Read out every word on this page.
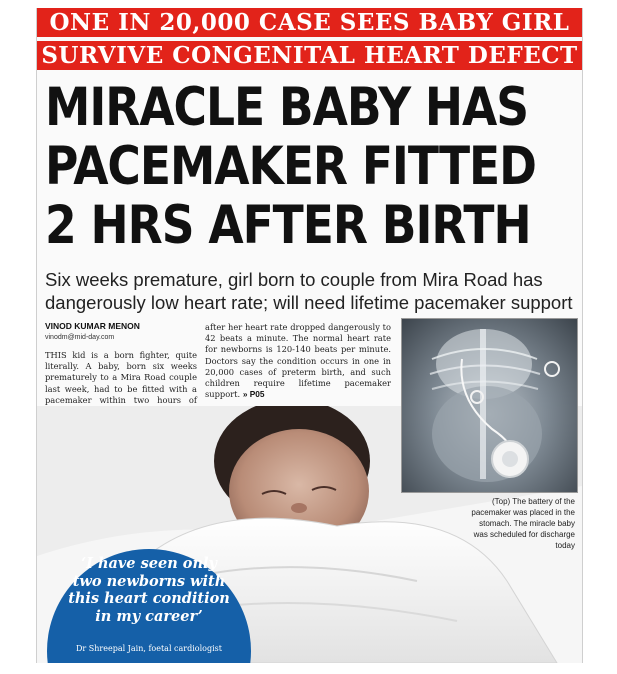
ONE IN 20,000 CASE SEES BABY GIRL
SURVIVE CONGENITAL HEART DEFECT
MIRACLE BABY HAS
PACEMAKER FITTED
2 HRS AFTER BIRTH
Six weeks premature, girl born to couple from Mira Road has dangerously low heart rate; will need lifetime pacemaker support
VINOD KUMAR MENON
vinodm@mid-day.com
THIS kid is a born fighter, quite literally. A baby, born six weeks prematurely to a Mira Road couple last week, had to be fitted with a pacemaker within two hours of
after her heart rate dropped dangerously to 42 beats a minute. The normal heart rate for newborns is 120-140 beats per minute. Doctors say the condition occurs in one in 20,000 cases of preterm birth, and such children require lifetime pacemaker support. » P05
(Top) The battery of the pacemaker was placed in the stomach. The miracle baby was scheduled for discharge today
‘I have seen only two newborns with this heart condition in my career’
Dr Shreepal Jain, foetal cardiologist
